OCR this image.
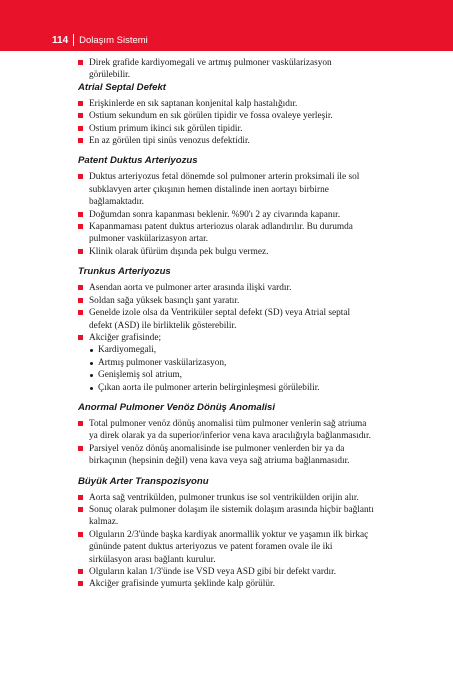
114	Dolaşım Sistemi

Direk grafide kardiyomegali ve artmış pulmoner vaskülarizasyon görülebilir.

Atrial Septal Defekt

Erişkinlerde en sık saptanan konjenital kalp hastalığıdır.

Ostium sekundum en sık görülen tipidir ve fossa ovaleye yerleşir.

Ostium primum ikinci sık görülen tipidir.

En az görülen tipi sinüs venozus defektidir.

Patent Duktus Arteriyozus

Duktus arteriyozus fetal dönemde sol pulmoner arterin proksimali ile sol subklavyen arter çıkışının hemen distalinde inen aortayı birbirne bağlamaktadır.

Doğumdan sonra kapanması beklenir. %90'ı 2 ay civarında kapanır.

Kapanmaması patent duktus arteriozus olarak adlandırılır. Bu durumda pulmoner vaskülarizasyon artar.

Klinik olarak üfürüm dışında pek bulgu vermez.

Trunkus Arteriyozus

Asendan aorta ve pulmoner arter arasında ilişki vardır.

Soldan sağa yüksek basınçlı şant yaratır.

Genelde izole olsa da Ventriküler septal defekt (SD) veya Atrial septal defekt (ASD) ile birliktelik gösterebilir.

Akciğer grafisinde;

Kardiyomegali,

Artmış pulmoner vaskülarizasyon,

Genişlemiş sol atrium,

Çıkan aorta ile pulmoner arterin belirginleşmesi görülebilir.

Anormal Pulmoner Venöz Dönüş Anomalisi

Total pulmoner venöz dönüş anomalisi tüm pulmoner venlerin sağ atriuma ya direk olarak ya da superior/inferior vena kava aracılığıyla bağlanmasıdır.

Parsiyel venöz dönüş anomalisinde ise pulmoner venlerden bir ya da birkaçının (hepsinin değil) vena kava veya sağ atriuma bağlanmasıdır.

Büyük Arter Transpozisyonu

Aorta sağ ventrikülden, pulmoner trunkus ise sol ventrikülden orijin alır.

Sonuç olarak pulmoner dolaşım ile sistemik dolaşım arasında hiçbir bağlantı kalmaz.

Olguların 2/3'ünde başka kardiyak anormallik yoktur ve yaşamın ilk birkaç gününde patent duktus arteriyozus ve patent foramen ovale ile iki sirkülasyon arası bağlantı kurulur.

Olguların kalan 1/3'ünde ise VSD veya ASD gibi bir defekt vardır.

Akciğer grafisinde yumurta şeklinde kalp görülür.
